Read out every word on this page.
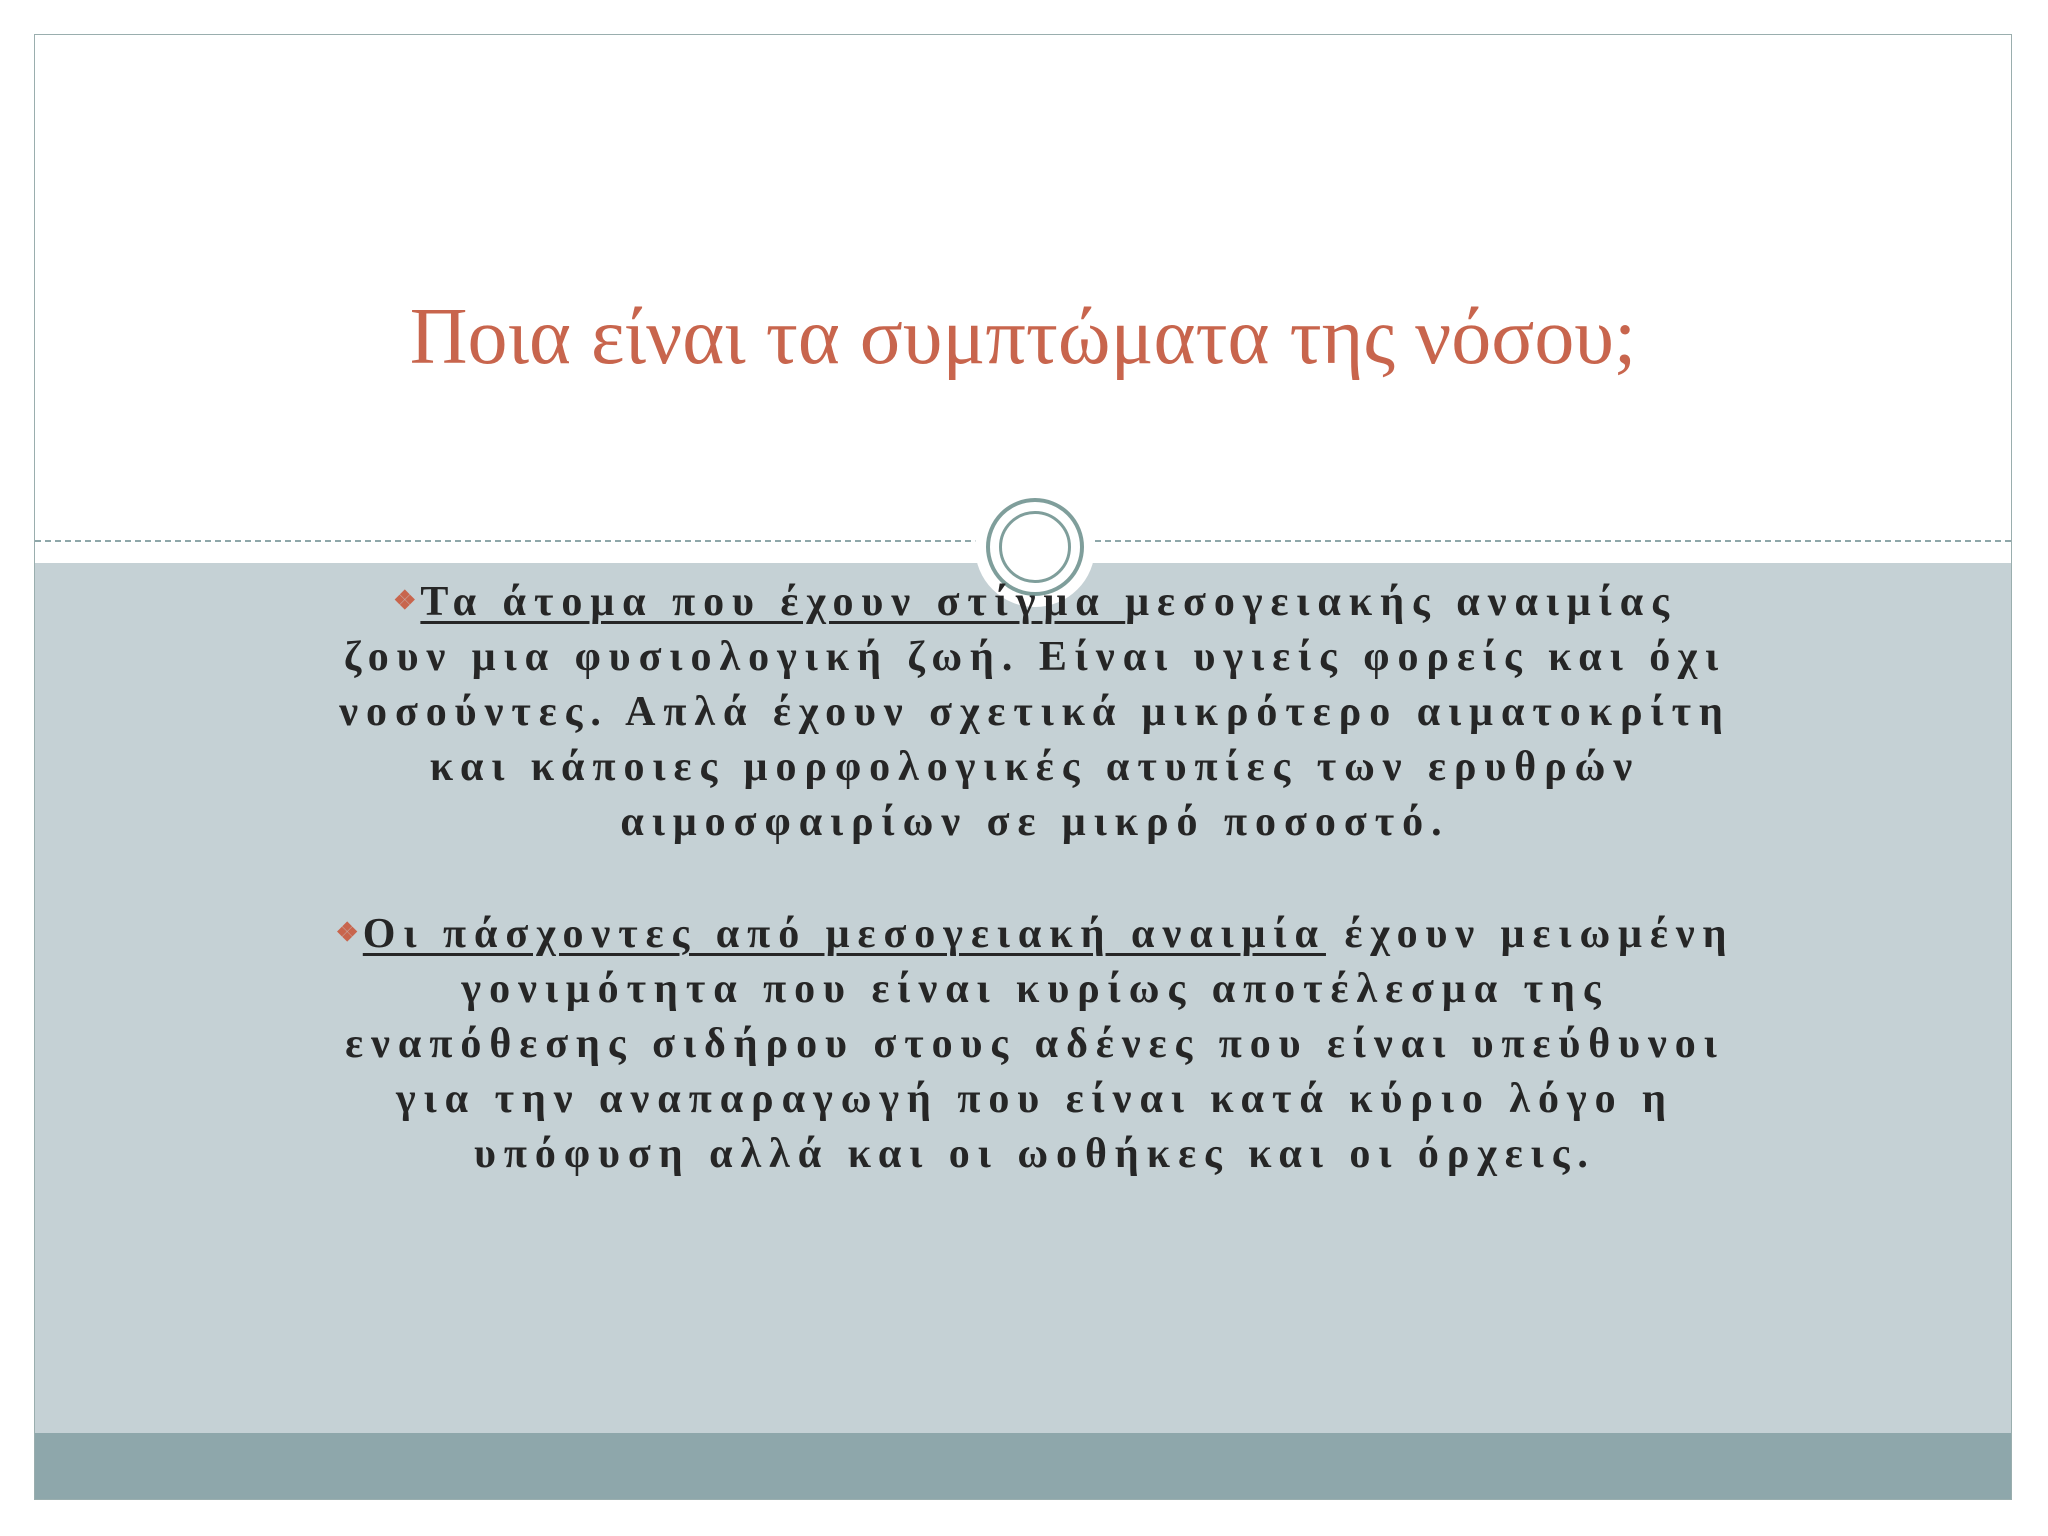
Ποια είναι τα συμπτώματα της νόσου;

❖Τα άτομα που έχουν στίγμα μεσογειακής αναιμίας ζουν μια φυσιολογική ζωή. Είναι υγιείς φορείς και όχι νοσούντες. Απλά έχουν σχετικά μικρότερο αιματοκρίτη και κάποιες μορφολογικές ατυπίες των ερυθρών αιμοσφαιρίων σε μικρό ποσοστό.

❖Οι πάσχοντες από μεσογειακή αναιμία έχουν μειωμένη γονιμότητα που είναι κυρίως αποτέλεσμα της εναπόθεσης σιδήρου στους αδένες που είναι υπεύθυνοι για την αναπαραγωγή που είναι κατά κύριο λόγο η υπόφυση αλλά και οι ωοθήκες και οι όρχεις.
